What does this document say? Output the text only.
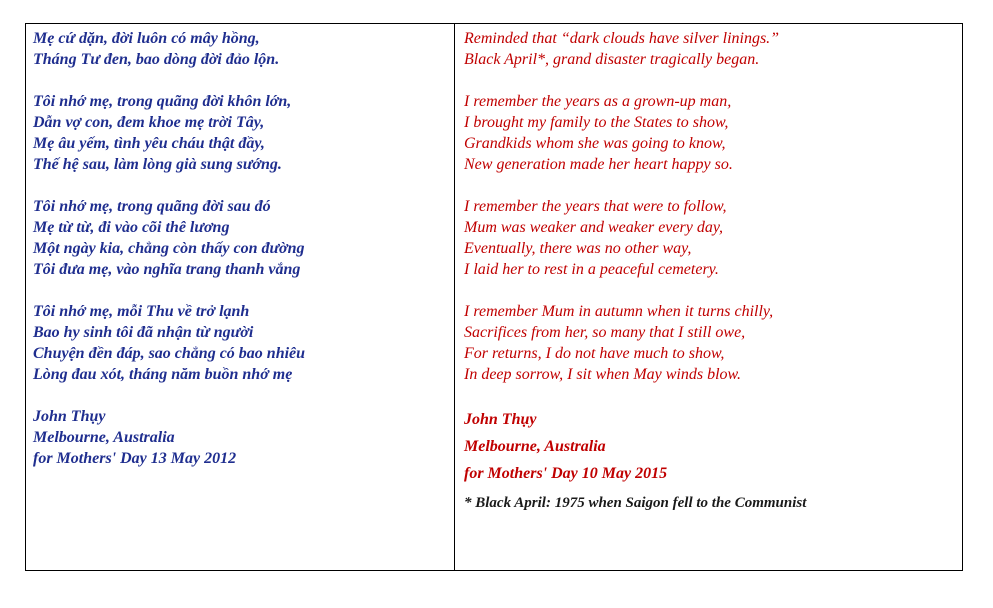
Mẹ cứ dặn, đời luôn có mây hồng,
Tháng Tư đen, bao dòng đời đảo lộn.
Tôi nhớ mẹ, trong quãng đời khôn lớn,
Dẫn vợ con, đem khoe mẹ trời Tây,
Mẹ âu yếm, tình yêu cháu thật đầy,
Thế hệ sau, làm lòng già sung sướng.
Tôi nhớ mẹ, trong quãng đời sau đó
Mẹ từ từ, đi vào cõi thê lương
Một ngày kia, chẳng còn thấy con đường
Tôi đưa mẹ, vào nghĩa trang thanh vắng
Tôi nhớ mẹ, mỗi Thu về trở lạnh
Bao hy sinh tôi đã nhận từ người
Chuyện đền đáp, sao chẳng có bao nhiêu
Lòng đau xót, tháng năm buồn nhớ mẹ
John Thụy
Melbourne, Australia
for Mothers' Day 13 May 2012
Reminded that “dark clouds have silver linings.”
Black April*, grand disaster tragically began.
I remember the years as a grown-up man,
I brought my family to the States to show,
Grandkids whom she was going to know,
New generation made her heart happy so.
I remember the years that were to follow,
Mum was weaker and weaker every day,
Eventually, there was no other way,
I laid her to rest in a peaceful cemetery.
I remember Mum in autumn when it turns chilly,
Sacrifices from her, so many that I still owe,
For returns, I do not have much to show,
In deep sorrow, I sit when May winds blow.
John Thụy
Melbourne, Australia
for Mothers' Day 10 May 2015
* Black April: 1975 when Saigon fell to the Communist
